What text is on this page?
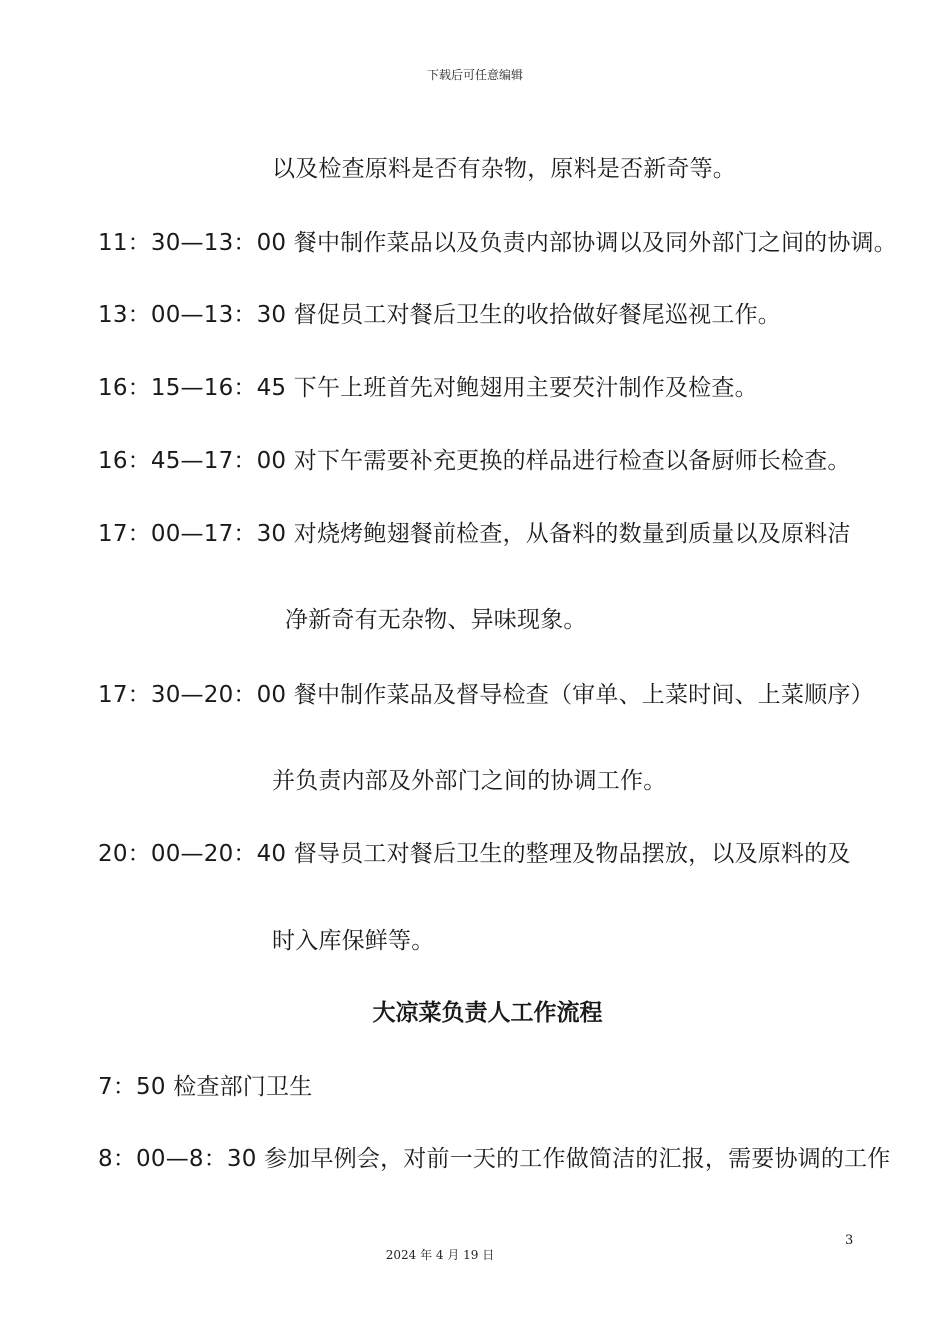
下载后可任意编辑
以及检查原料是否有杂物，原料是否新奇等。
11：30—13：00 餐中制作菜品以及负责内部协调以及同外部门之间的协调。
13：00—13：30 督促员工对餐后卫生的收拾做好餐尾巡视工作。
16：15—16：45 下午上班首先对鲍翅用主要芡汁制作及检查。
16：45—17：00 对下午需要补充更换的样品进行检查以备厨师长检查。
17：00—17：30 对烧烤鲍翅餐前检查，从备料的数量到质量以及原料洁
净新奇有无杂物、异味现象。
17：30—20：00 餐中制作菜品及督导检查（审单、上菜时间、上菜顺序）
并负责内部及外部门之间的协调工作。
20：00—20：40 督导员工对餐后卫生的整理及物品摆放，以及原料的及
时入库保鲜等。
大凉菜负责人工作流程
7：50 检查部门卫生
8：00—8：30 参加早例会，对前一天的工作做简洁的汇报，需要协调的工作
3
2024 年 4 月 19 日
